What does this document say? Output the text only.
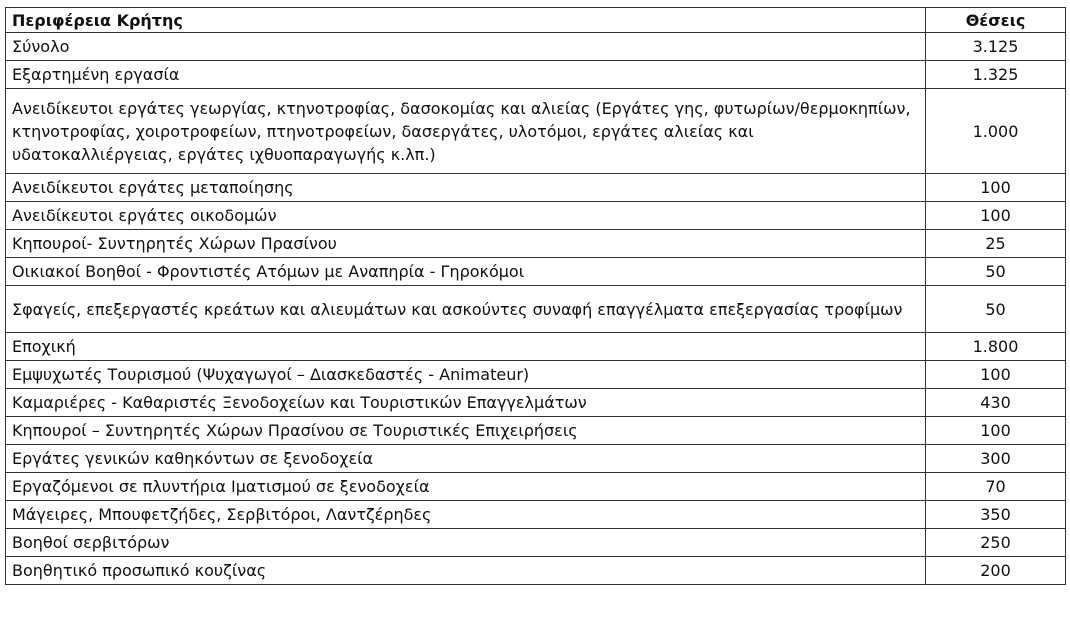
Περιφέρεια Κρήτης	Θέσεις
Σύνολο	3.125
Εξαρτημένη εργασία	1.325
Ανειδίκευτοι εργάτες γεωργίας, κτηνοτροφίας, δασοκομίας και αλιείας (Εργάτες γης, φυτωρίων/θερμοκηπίων, κτηνοτροφίας, χοιροτροφείων, πτηνοτροφείων, δασεργάτες, υλοτόμοι, εργάτες αλιείας και υδατοκαλλιέργειας, εργάτες ιχθυοπαραγωγής κ.λπ.)	1.000
Ανειδίκευτοι εργάτες μεταποίησης	100
Ανειδίκευτοι εργάτες οικοδομών	100
Κηπουροί- Συντηρητές Χώρων Πρασίνου	25
Οικιακοί Βοηθοί - Φροντιστές Ατόμων με Αναπηρία - Γηροκόμοι	50
Σφαγείς, επεξεργαστές κρεάτων και αλιευμάτων και ασκούντες συναφή επαγγέλματα επεξεργασίας τροφίμων	50
Εποχική	1.800
Εμψυχωτές Τουρισμού (Ψυχαγωγοί – Διασκεδαστές - Animateur)	100
Καμαριέρες - Καθαριστές Ξενοδοχείων και Τουριστικών Επαγγελμάτων	430
Κηπουροί – Συντηρητές Χώρων Πρασίνου σε Τουριστικές Επιχειρήσεις	100
Εργάτες γενικών καθηκόντων σε ξενοδοχεία	300
Εργαζόμενοι σε πλυντήρια Ιματισμού σε ξενοδοχεία	70
Μάγειρες, Μπουφετζήδες, Σερβιτόροι, Λαντζέρηδες	350
Βοηθοί σερβιτόρων	250
Βοηθητικό προσωπικό κουζίνας	200
